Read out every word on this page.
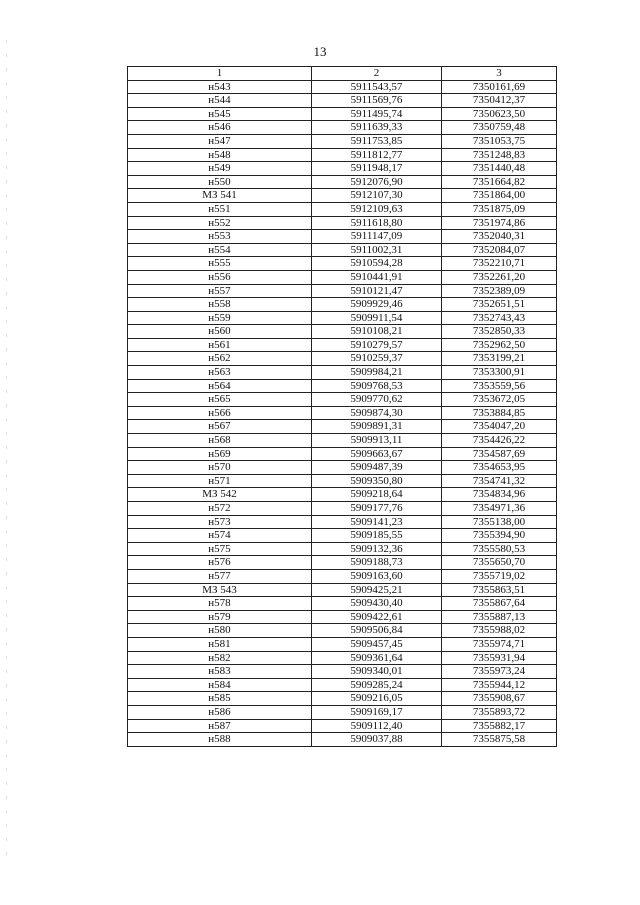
13
1	2	3
н543	5911543,57	7350161,69
н544	5911569,76	7350412,37
н545	5911495,74	7350623,50
н546	5911639,33	7350759,48
н547	5911753,85	7351053,75
н548	5911812,77	7351248,83
н549	5911948,17	7351440,48
н550	5912076,90	7351664,82
МЗ 541	5912107,30	7351864,00
н551	5912109,63	7351875,09
н552	5911618,80	7351974,86
н553	5911147,09	7352040,31
н554	5911002,31	7352084,07
н555	5910594,28	7352210,71
н556	5910441,91	7352261,20
н557	5910121,47	7352389,09
н558	5909929,46	7352651,51
н559	5909911,54	7352743,43
н560	5910108,21	7352850,33
н561	5910279,57	7352962,50
н562	5910259,37	7353199,21
н563	5909984,21	7353300,91
н564	5909768,53	7353559,56
н565	5909770,62	7353672,05
н566	5909874,30	7353884,85
н567	5909891,31	7354047,20
н568	5909913,11	7354426,22
н569	5909663,67	7354587,69
н570	5909487,39	7354653,95
н571	5909350,80	7354741,32
МЗ 542	5909218,64	7354834,96
н572	5909177,76	7354971,36
н573	5909141,23	7355138,00
н574	5909185,55	7355394,90
н575	5909132,36	7355580,53
н576	5909188,73	7355650,70
н577	5909163,60	7355719,02
МЗ 543	5909425,21	7355863,51
н578	5909430,40	7355867,64
н579	5909422,61	7355887,13
н580	5909506,84	7355988,02
н581	5909457,45	7355974,71
н582	5909361,64	7355931,94
н583	5909340,01	7355973,24
н584	5909285,24	7355944,12
н585	5909216,05	7355908,67
н586	5909169,17	7355893,72
н587	5909112,40	7355882,17
н588	5909037,88	7355875,58
